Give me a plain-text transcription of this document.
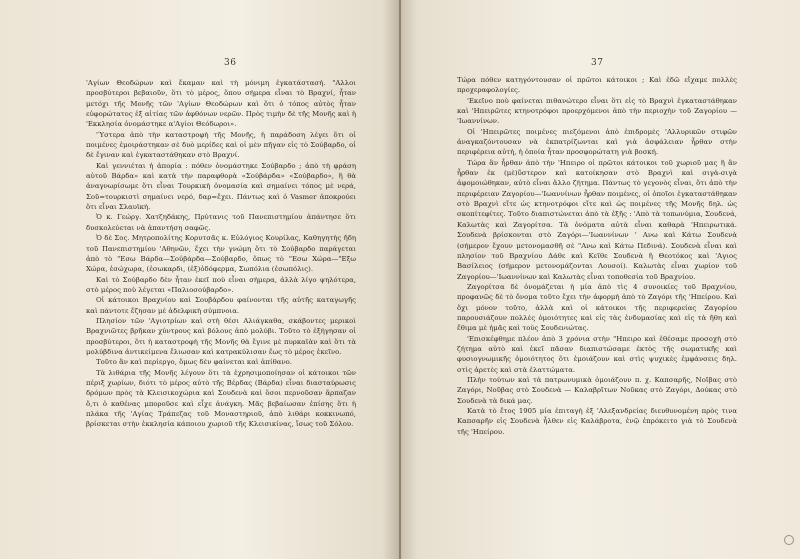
36

'Αγίων Θεοδώρων καὶ ἔκαμαν καὶ τὴ μόνιμη ἐγκατάστασή. "Αλλοι προσβύτεροι βεβαιοῦν, ὅτι τὸ μέρος, ὅπου σήμερα εἶναι τὸ Βραχνί, ἦταν μετόχι τῆς Μονῆς τῶν 'Αγίων Θεοδώρων καὶ ὅτι ὁ τόπος αὐτὸς ἦταν εὐφορώτατος ἐξ αἰτίας τῶν ἀφθόνων νερῶν. Πρὸς τιμὴν δὲ τῆς Μονῆς καὶ ἡ 'Εκκλησία ὀνομάστηκε α'Αγίοι Θεόδωροι».

'Ύστερα ἀπὸ τὴν καταστροφὴ τῆς Μονῆς, ἡ παράδοση λέγει ὅτι οἱ ποιμένες ἐμοιράστηκαν σὲ δυὸ μερίδες καὶ οἱ μὲν πῆγαν εἰς τὸ Σούβαρδο, οἱ δὲ ἔγιναν καὶ ἐγκαταστάθηκαν στὸ Βραχνί.

Καὶ γεννιέται ἡ ἀπορία : πόθεν ὀνομάστηκε Σούβαρδο ; ἀπὸ τὴ φράση αὐτοῦ Βάρδα» καὶ κατὰ τὴν παραφθορὰ «Σούβάρδα» «Σούβαρδο», ἢ θὰ ἀναγνωρίσωμε ὅτι εἶναι Τουρκικὴ ὀνομασία καὶ σημαίνει τόπος μὲ νερά, Σοῦ=τουρκιστὶ σημαίνει νερό, δαρ=ἔχει. Πάντως καὶ ὁ Vasmer ἀποκρούει ὅτι εἶναι Σλαυϊκή.

Ὁ κ. Γεώργ. Χατζηδάκης, Πρύτανις τοῦ Πανεπιστημίου ἀπάντησε ὅτι δυσκολεύεται νὰ ἀπαντήση σαφῶς.

Ὁ δὲ Σος. Μητροπολίτης Κορυτσᾶς κ. Εὐλόγιος Κουρίλας, Καθηγητὴς ἤδη τοῦ Πανεπιστημίου 'Αθηνῶν, ἔχει τὴν γνώμη ὅτι τὸ Σούβαρδο παράγεται ἀπὸ τὸ "Εσω Βάρδα—Σοὐβάρδα—Σούβαρδο, ὅπως τὸ "Εσω Χώρα—"Εξω Χώρα, ἐσώχωρα, (ἐσωκαρδι, (ἐξ)ὁδόφερμα, Σωπόλια (ἐσωπόλις).

Καὶ τὸ Σούβαρδο δὲν ἦταν ἐκεῖ ποὺ εἶναι σήμερα, ἀλλὰ λίγο ψηλότερα, στὸ μέρος ποὺ λέγεται «Παλιοσούβαρδο».

Οἱ κάτοικοι Βραχνίου καὶ Σουβάρδου φαίνονται τῆς αὐτῆς καταγωγῆς καὶ πάντοτε ἔζησαν μὲ ἀδελφικὴ σύμπνοια.

Πλησίον τῶν 'Αγιοτρίων καὶ στὴ θέσι Αλιάγκαθα, σκάβοντες μερικοὶ Βραχνιῶτες βρῆκαν χύντρους καὶ βόλους ἀπὸ μολύβι. Τοῦτο τὸ ἐξήγησαν οἱ προσβύτεροι, ὅτι ἡ καταστροφὴ τῆς Μονῆς θὰ ἔγινε μὲ πυρκαϊὰν καὶ ὅτι τὰ μολύβδινα ἀντικείμενα ἔλιωσαν καὶ κατρακύλισαν ἕως τὸ μέρος ἐκεῖνο.

Τοῦτο ἂν καὶ περίεργο, ὅμως δὲν φαίνεται καὶ ἀπίθανο.

Τὰ λιθάρια τῆς Μονῆς λέγουν ὅτι τὰ ἐχρησιμοποίησαν οἱ κάτοικοι τῶν πέριξ χωρίων, διότι τὸ μέρος αὐτὸ τῆς Βέρδας (Βάρδα) εἶναι διασταύρωσις δρόμων πρὸς τὰ Κλεισικοχώρια καὶ Σουδενὰ καὶ ὅσοι περνοῦσαν ἅρπαζαν ὅ,τι ὁ καθένας μποροῦσε καὶ εἶχε ἀνάγκη. Μᾶς βεβαίωσαν ἐπίσης ὅτι ἡ πλάκα τῆς 'Αγίας Τράπεζας τοῦ Μοναστηριοῦ, ἀπὸ λιθάρι κοκκινωπό, βρίσκεται στὴν ἐκκλησία κάποιου χωριοῦ τῆς Κλεισικίνας, ἴσως τοῦ Σόλου.

37

Τώρα πόθεν κατηγόντουσαν οἱ πρῶτοι κάτοικοι ; Καὶ ἐδῶ εἴχαμε πολλὲς προχεραφολογίες.

'Εκεῖνο ποὺ φαίνεται πιθανώτερο εἶναι ὅτι εἰς τὸ Βραχνὶ ἐγκαταστάθηκαν καὶ 'Ηπειρῶτες κτηνοτρόφοι προερχόμενοι ἀπὸ τὴν περιοχὴν τοῦ Ζαγορίου — 'Ιωαννίνων.

Οἱ 'Ηπειρῶτες ποιμένες πιεζόμενοι ἀπὸ ἐπιδρομὲς 'Αλλυρικῶν στιφῶν ἀναγκαζόντουσαν νὰ ἐκπατρίζωνται καὶ γιὰ ἀσφάλειαν ἦρθαν στὴν περιφέρεια αὐτή, ἡ ὁποία ἦταν προσφορώτατη γιὰ βοσκή.

Τώρα ἂν ἦρθαν ἀπὸ τὴν 'Ηπειρο οἱ πρῶτοι κάτοικοι τοῦ χωριοῦ μας ἢ ἂν ἦρθαν ἐκ (μὲ)ὕστερον καὶ κατοίκησαν στὸ Βραχνὶ καὶ σιγὰ-σιγὰ ἀφομοιώθηκαν, αὐτὸ εἶναι ἄλλο ζήτημα. Πάντως τὸ γεγονὸς εἶναι, ὅτι ἀπὸ τὴν περιφέρειαν Ζαγορίου—'Ιωαννίνων ἦρθαν ποιμένες, οἱ ὁποῖοι ἐγκαταστάθηκαν στὸ Βραχνὶ εἴτε ὡς κτηνοτρόφοι εἴτε καὶ ὡς ποιμένες τῆς Μονῆς δηλ. ὡς σκοπίτεφίτες. Τοῦτο διαπιστώνεται ἀπὸ τὰ ἑξῆς : 'Απὸ τὰ τοπωνύμια, Σουδενά, Καλωτὰς καὶ Ζαγορίτσα. Τὰ ὀνόματα αὐτὰ εἶναι καθαρὰ 'Ηπειρωτικά. Σουδενὰ βρίσκονται στὸ Ζαγόρι—'Ιωαννίνων ' Ανω καὶ Κάτω Σουδενὰ (σήμερον ἔχουν μετονομασθῆ σὲ "Ανω καὶ Κάτω Πεδινά). Σουδενὰ εἶναι καὶ πλησίον τοῦ Βραχνίου Δάθε καὶ Κεῖθε Σουδενὰ ἢ Θεοτόκος καὶ 'Αγιος Βασίλειος (σήμερον μετονομάζονται Λουσοί). Καλωτὰς εἶναι χωρίον τοῦ Ζαγορίου—'Ιωαννίνων καὶ Καλωτὰς εἶναι τοποθεσία τοῦ Βραχνίου.

Ζαγορίτσα δὲ ὀνομάζεται ἡ μία ἀπὸ τὶς 4 συνοικίες τοῦ Βραχνίου, προφανῶς δὲ τὸ ὄνομα τοῦτο ἔχει τὴν ἀφορμὴ ἀπὸ τὸ Ζαγόρι τῆς 'Ηπείρου. Καὶ ὄχι μόνον τοῦτο, ἀλλὰ καὶ οἱ κάτοικοι τῆς περιφερείας Ζαγορίου παρουσιάζουν πολλὲς ὁμοιότητες καὶ εἰς τὰς ἐνδυμασίας καὶ εἰς τὰ ἤθη καὶ ἔθιμα μὲ ἡμᾶς καὶ τοὺς Σουδενιώτας.

'Επισκέφθημε πλέον ἀπὸ 3 χρόνια στὴν "Ηπειρο καὶ ἐθέσαμε προσοχὴ στὸ ζήτημα αὐτὸ καὶ ἐκεῖ πᾶσαν διαπιστώσαμε ἐκτὸς τῆς σωματικῆς καὶ φυσιογνωμικῆς ὁμοιότητος ὅτι ἐμοιάζουν καὶ στὶς ψυχικὲς ἐμφάνσεις δηλ. στὶς ἀρετὲς καὶ στὰ ἐλαττώματα.

Πλὴν τούτων καὶ τὰ πατρωνυμικὰ ὁμοιάζουν π. χ. Καπσαρῆς, Νοῖβας στὸ Ζαγόρι, Νοῦβας στὸ Σουδενὰ — Καλαβρῖτων Νοῦκας στὸ Ζαγόρι, Δούκας στὸ Σουδενὰ τὰ δικά μας.

Κατὰ τὸ ἔτος 1905 μία ἐπιταγὴ ἐξ 'Αλεξανδρείας διευθυνομένη πρὸς τινα Καπσαρῆν εἰς Σουδενὰ ἦλθεν εἰς Καλάβροτα, ἐνῷ ἐπρόκειτο γιὰ τὸ Σουδενὰ τῆς 'Ηπείρου.
